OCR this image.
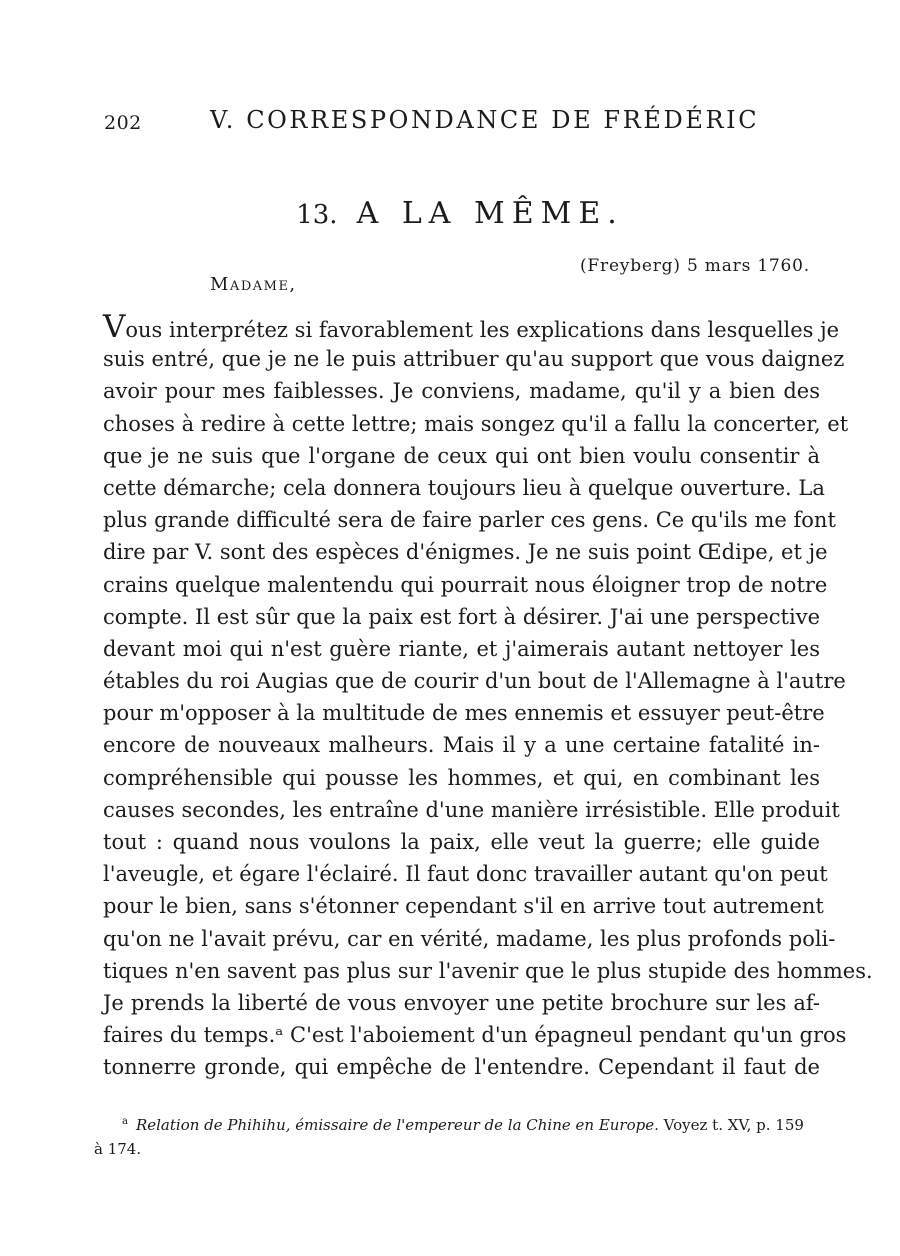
202	V. CORRESPONDANCE DE FRÉDÉRIC
13. A LA MÊME.
(Freyberg) 5 mars 1760.
Madame,
Vous interprétez si favorablement les explications dans lesquelles je
suis entré, que je ne le puis attribuer qu'au support que vous daignez
avoir pour mes faiblesses. Je conviens, madame, qu'il y a bien des
choses à redire à cette lettre; mais songez qu'il a fallu la concerter, et
que je ne suis que l'organe de ceux qui ont bien voulu consentir à
cette démarche; cela donnera toujours lieu à quelque ouverture. La
plus grande difficulté sera de faire parler ces gens. Ce qu'ils me font
dire par V. sont des espèces d'énigmes. Je ne suis point Œdipe, et je
crains quelque malentendu qui pourrait nous éloigner trop de notre
compte. Il est sûr que la paix est fort à désirer. J'ai une perspective
devant moi qui n'est guère riante, et j'aimerais autant nettoyer les
étables du roi Augias que de courir d'un bout de l'Allemagne à l'autre
pour m'opposer à la multitude de mes ennemis et essuyer peut-être
encore de nouveaux malheurs. Mais il y a une certaine fatalité in-
compréhensible qui pousse les hommes, et qui, en combinant les
causes secondes, les entraîne d'une manière irrésistible. Elle produit
tout : quand nous voulons la paix, elle veut la guerre; elle guide
l'aveugle, et égare l'éclairé. Il faut donc travailler autant qu'on peut
pour le bien, sans s'étonner cependant s'il en arrive tout autrement
qu'on ne l'avait prévu, car en vérité, madame, les plus profonds poli-
tiques n'en savent pas plus sur l'avenir que le plus stupide des hommes.
Je prends la liberté de vous envoyer une petite brochure sur les af-
faires du temps.ᵃ C'est l'aboiement d'un épagneul pendant qu'un gros
tonnerre gronde, qui empêche de l'entendre. Cependant il faut de
$^a$ Relation de Phihihu, émissaire de l'empereur de la Chine en Europe. Voyez t. XV, p. 159
à 174.
